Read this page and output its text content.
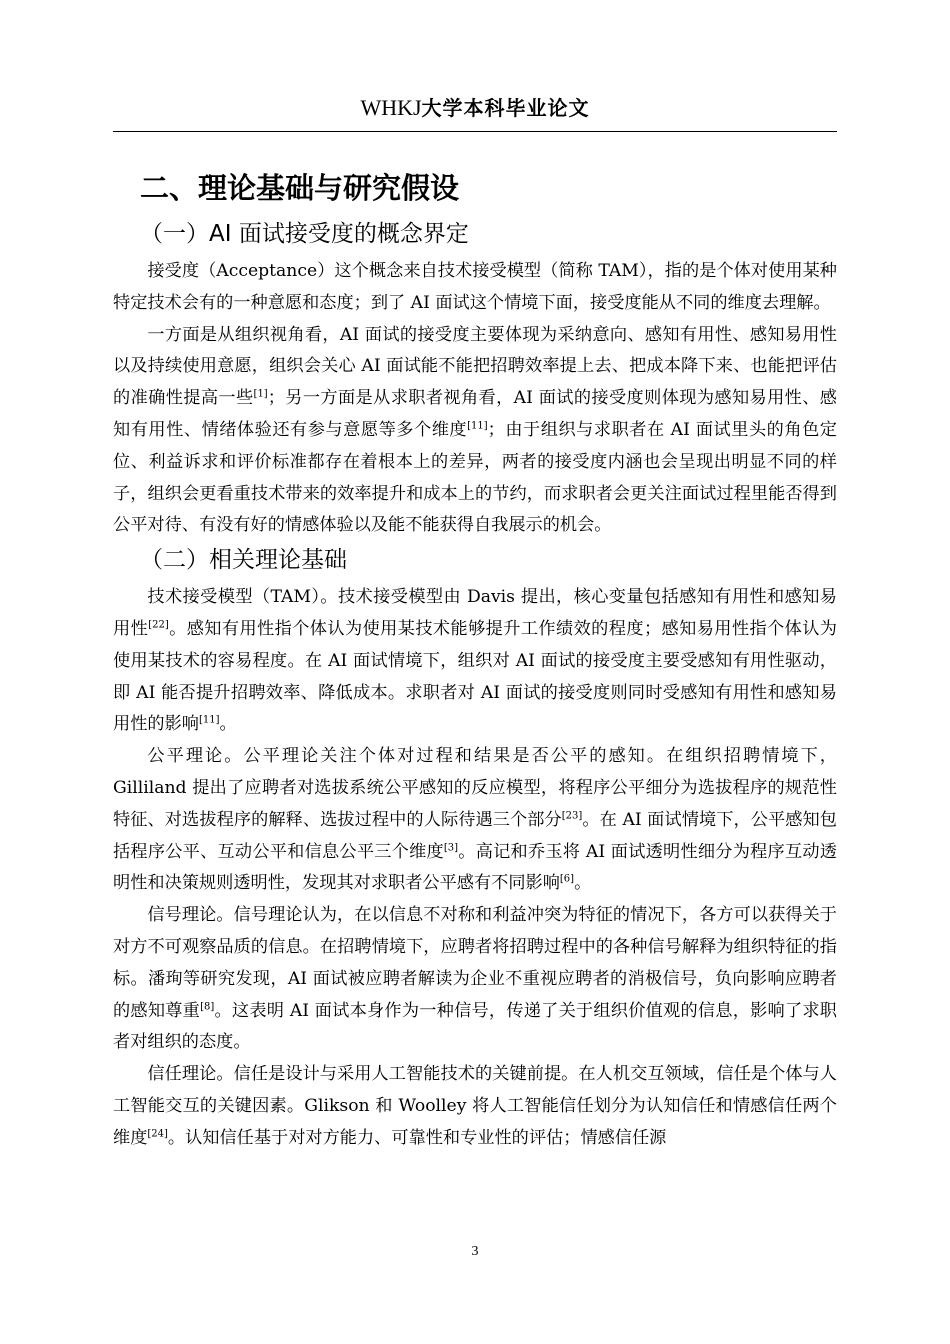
WHKJ大学本科毕业论文
二、理论基础与研究假设
（一）AI 面试接受度的概念界定

接受度（Acceptance）这个概念来自技术接受模型（简称 TAM），指的是个体对使用某种特定技术会有的一种意愿和态度；到了 AI 面试这个情境下面，接受度能从不同的维度去理解。

一方面是从组织视角看，AI 面试的接受度主要体现为采纳意向、感知有用性、感知易用性以及持续使用意愿，组织会关心 AI 面试能不能把招聘效率提上去、把成本降下来、也能把评估的准确性提高一些[1]；另一方面是从求职者视角看，AI 面试的接受度则体现为感知易用性、感知有用性、情绪体验还有参与意愿等多个维度[11]；由于组织与求职者在 AI 面试里头的角色定位、利益诉求和评价标准都存在着根本上的差异，两者的接受度内涵也会呈现出明显不同的样子，组织会更看重技术带来的效率提升和成本上的节约，而求职者会更关注面试过程里能否得到公平对待、有没有好的情感体验以及能不能获得自我展示的机会。

（二）相关理论基础

技术接受模型（TAM）。技术接受模型由 Davis 提出，核心变量包括感知有用性和感知易用性[22]。感知有用性指个体认为使用某技术能够提升工作绩效的程度；感知易用性指个体认为使用某技术的容易程度。在 AI 面试情境下，组织对 AI 面试的接受度主要受感知有用性驱动，即 AI 能否提升招聘效率、降低成本。求职者对 AI 面试的接受度则同时受感知有用性和感知易用性的影响[11]。

公平理论。公平理论关注个体对过程和结果是否公平的感知。在组织招聘情境下，Gilliland 提出了应聘者对选拔系统公平感知的反应模型，将程序公平细分为选拔程序的规范性特征、对选拔程序的解释、选拔过程中的人际待遇三个部分[23]。在 AI 面试情境下，公平感知包括程序公平、互动公平和信息公平三个维度[3]。高记和乔玉将 AI 面试透明性细分为程序互动透明性和决策规则透明性，发现其对求职者公平感有不同影响[6]。

信号理论。信号理论认为，在以信息不对称和利益冲突为特征的情况下，各方可以获得关于对方不可观察品质的信息。在招聘情境下，应聘者将招聘过程中的各种信号解释为组织特征的指标。潘珣等研究发现，AI 面试被应聘者解读为企业不重视应聘者的消极信号，负向影响应聘者的感知尊重[8]。这表明 AI 面试本身作为一种信号，传递了关于组织价值观的信息，影响了求职者对组织的态度。

信任理论。信任是设计与采用人工智能技术的关键前提。在人机交互领域，信任是个体与人工智能交互的关键因素。Glikson 和 Woolley 将人工智能信任划分为认知信任和情感信任两个维度[24]。认知信任基于对对方能力、可靠性和专业性的评估；情感信任源

3
